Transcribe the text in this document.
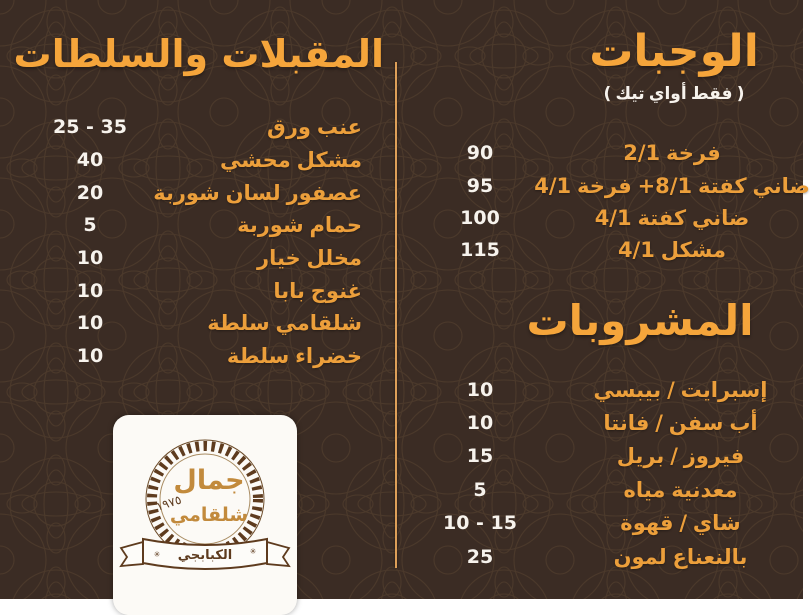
الوجبات
( تيك أواي فقط )
90	2/1 فرخة
95	4/1 فرخة +8/1 كفتة ضاني
100	4/1 كفتة ضاني
115	4/1 مشكل
المشروبات
10	بيبسي / إسبرايت
10	فانتا / سفن أب
15	بريل / فيروز
5	مياه معدنية
10 - 15	قهوة / شاي
25	لمون بالنعناع
المقبلات والسلطات
25 - 35	ورق عنب
40	محشي مشكل
20	شوربة لسان عصفور
5	شوربة حمام
10	خيار مخلل
10	بابا غنوج
10	سلطة شلقامي
10	سلطة خضراء
جمال
١٩٧٥
شلقامي
الكبابجي
✳	✳
